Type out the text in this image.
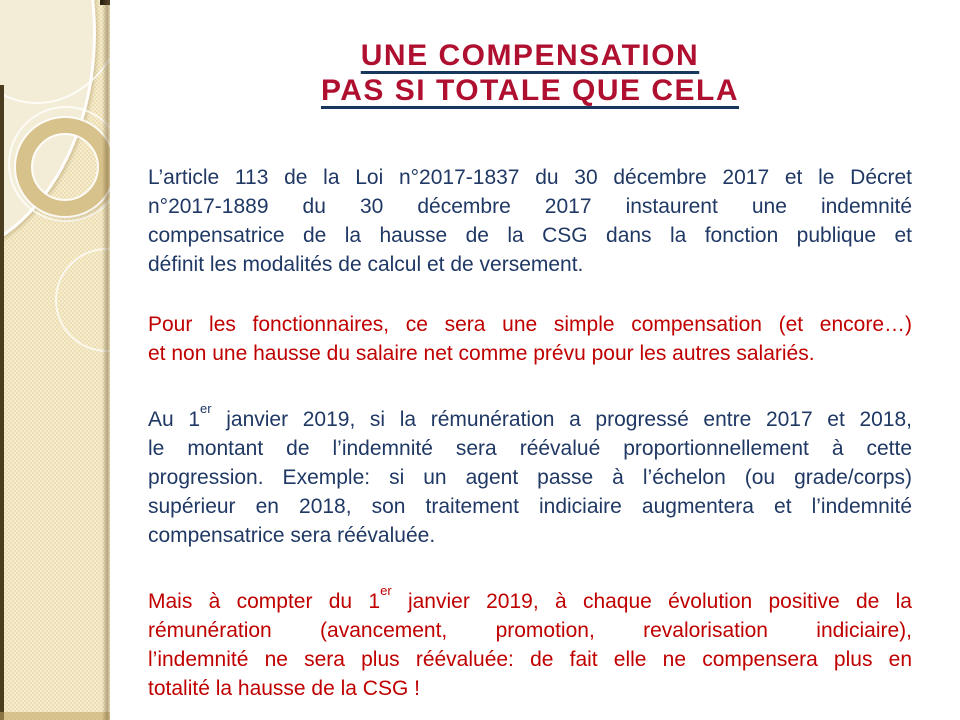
UNE COMPENSATION
PAS SI TOTALE QUE CELA
L’article 113 de la Loi n°2017-1837 du 30 décembre 2017 et le Décret
n°2017-1889 du 30 décembre 2017 instaurent une indemnité
compensatrice de la hausse de la CSG dans la fonction publique et
définit les modalités de calcul et de versement.
Pour les fonctionnaires, ce sera une simple compensation (et encore…)
et non une hausse du salaire net comme prévu pour les autres salariés.
Au 1er janvier 2019, si la rémunération a progressé entre 2017 et 2018,
le montant de l’indemnité sera réévalué proportionnellement à cette
progression. Exemple: si un agent passe à l’échelon (ou grade/corps)
supérieur en 2018, son traitement indiciaire augmentera et l’indemnité
compensatrice sera réévaluée.
Mais à compter du 1er janvier 2019, à chaque évolution positive de la
rémunération (avancement, promotion, revalorisation indiciaire),
l’indemnité ne sera plus réévaluée: de fait elle ne compensera plus en
totalité la hausse de la CSG !
